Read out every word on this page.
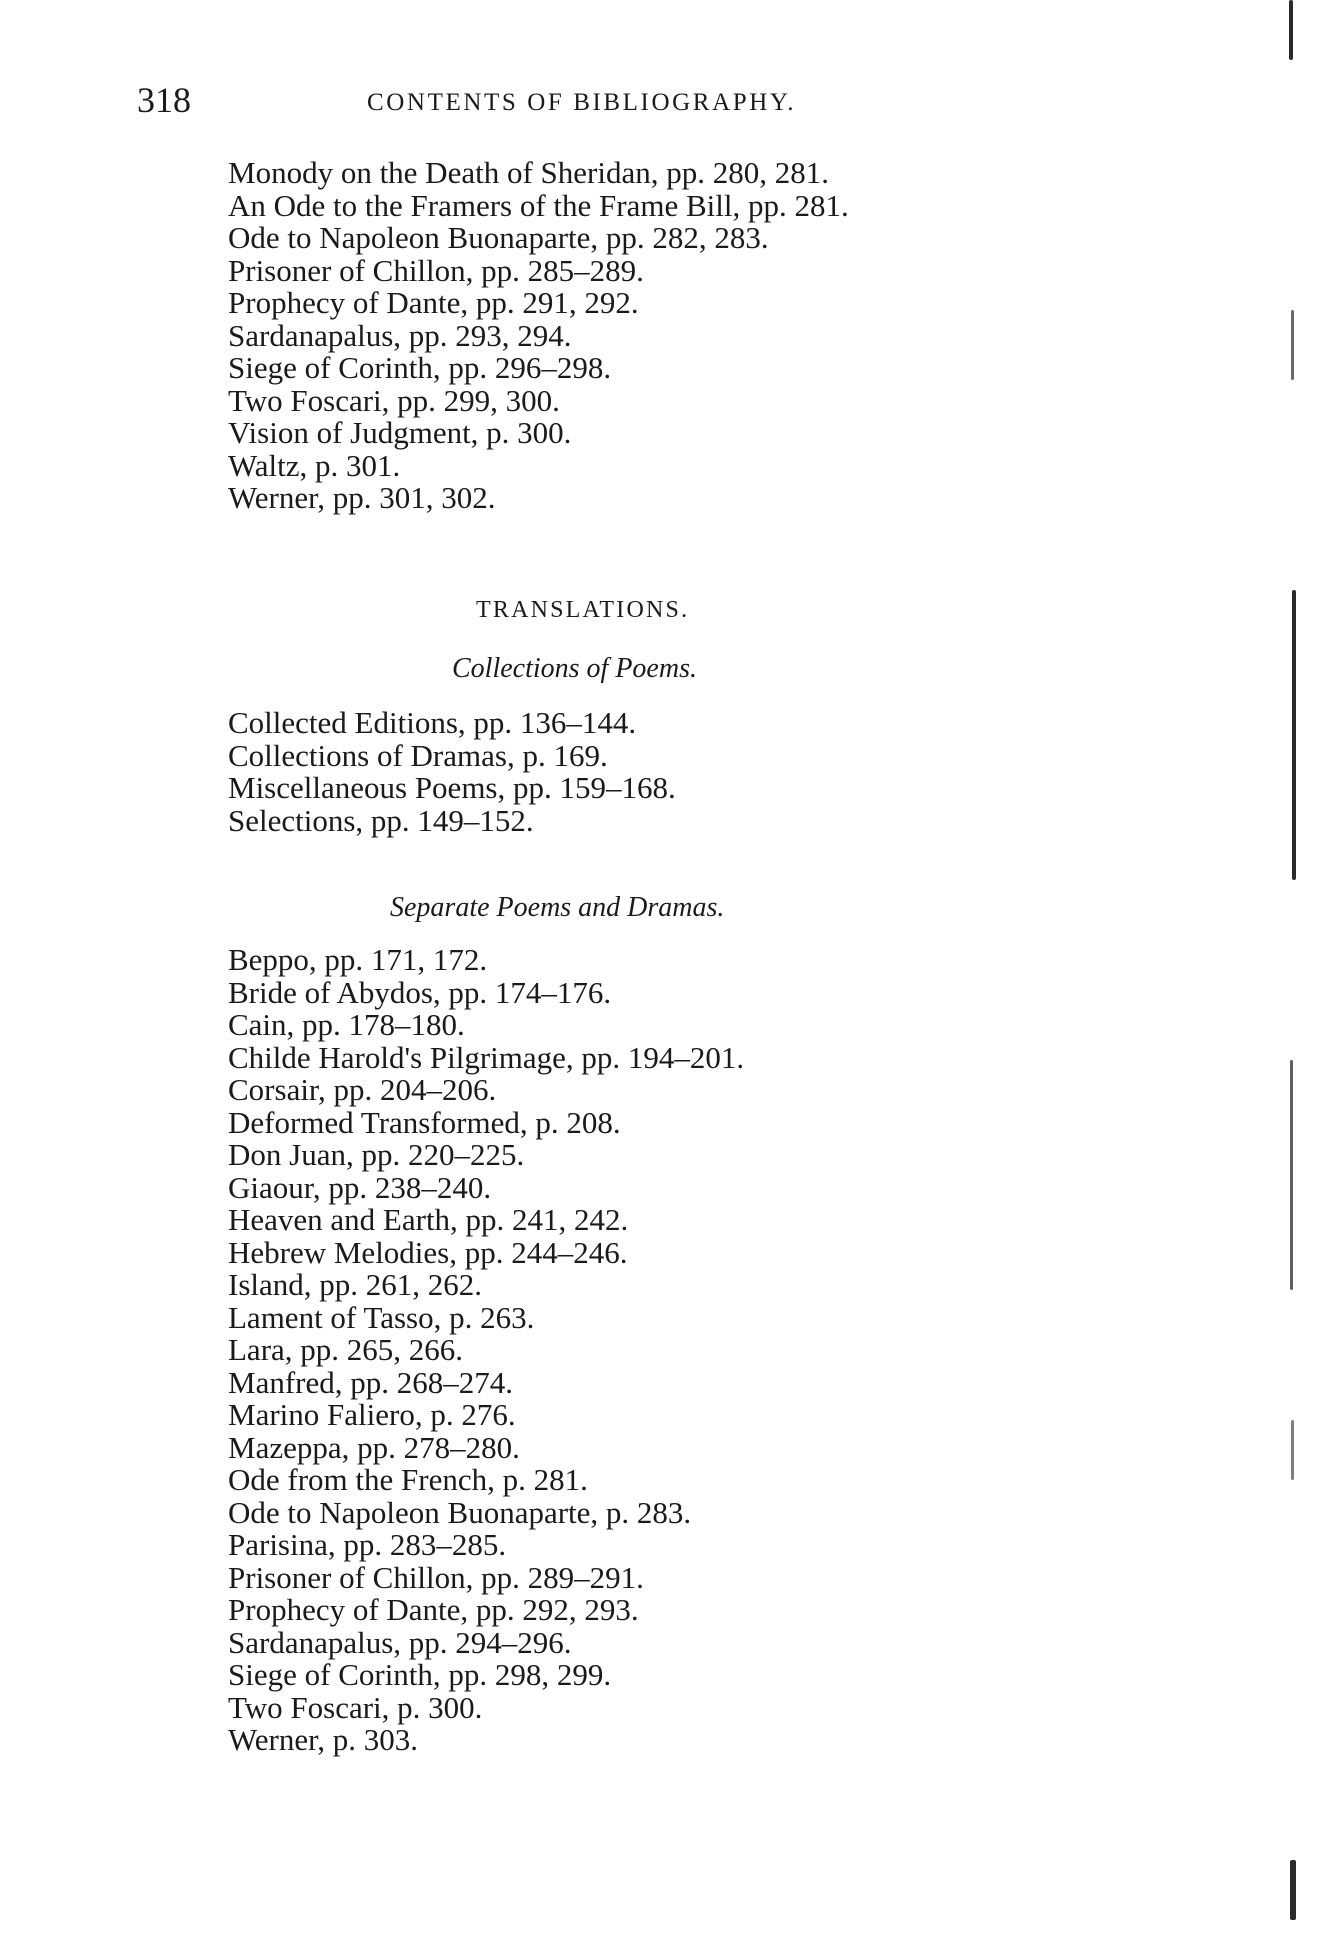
318	CONTENTS OF BIBLIOGRAPHY.
Monody on the Death of Sheridan, pp. 280, 281.
An Ode to the Framers of the Frame Bill, pp. 281.
Ode to Napoleon Buonaparte, pp. 282, 283.
Prisoner of Chillon, pp. 285–289.
Prophecy of Dante, pp. 291, 292.
Sardanapalus, pp. 293, 294.
Siege of Corinth, pp. 296–298.
Two Foscari, pp. 299, 300.
Vision of Judgment, p. 300.
Waltz, p. 301.
Werner, pp. 301, 302.
TRANSLATIONS.
Collections of Poems.
Collected Editions, pp. 136–144.
Collections of Dramas, p. 169.
Miscellaneous Poems, pp. 159–168.
Selections, pp. 149–152.
Separate Poems and Dramas.
Beppo, pp. 171, 172.
Bride of Abydos, pp. 174–176.
Cain, pp. 178–180.
Childe Harold's Pilgrimage, pp. 194–201.
Corsair, pp. 204–206.
Deformed Transformed, p. 208.
Don Juan, pp. 220–225.
Giaour, pp. 238–240.
Heaven and Earth, pp. 241, 242.
Hebrew Melodies, pp. 244–246.
Island, pp. 261, 262.
Lament of Tasso, p. 263.
Lara, pp. 265, 266.
Manfred, pp. 268–274.
Marino Faliero, p. 276.
Mazeppa, pp. 278–280.
Ode from the French, p. 281.
Ode to Napoleon Buonaparte, p. 283.
Parisina, pp. 283–285.
Prisoner of Chillon, pp. 289–291.
Prophecy of Dante, pp. 292, 293.
Sardanapalus, pp. 294–296.
Siege of Corinth, pp. 298, 299.
Two Foscari, p. 300.
Werner, p. 303.
